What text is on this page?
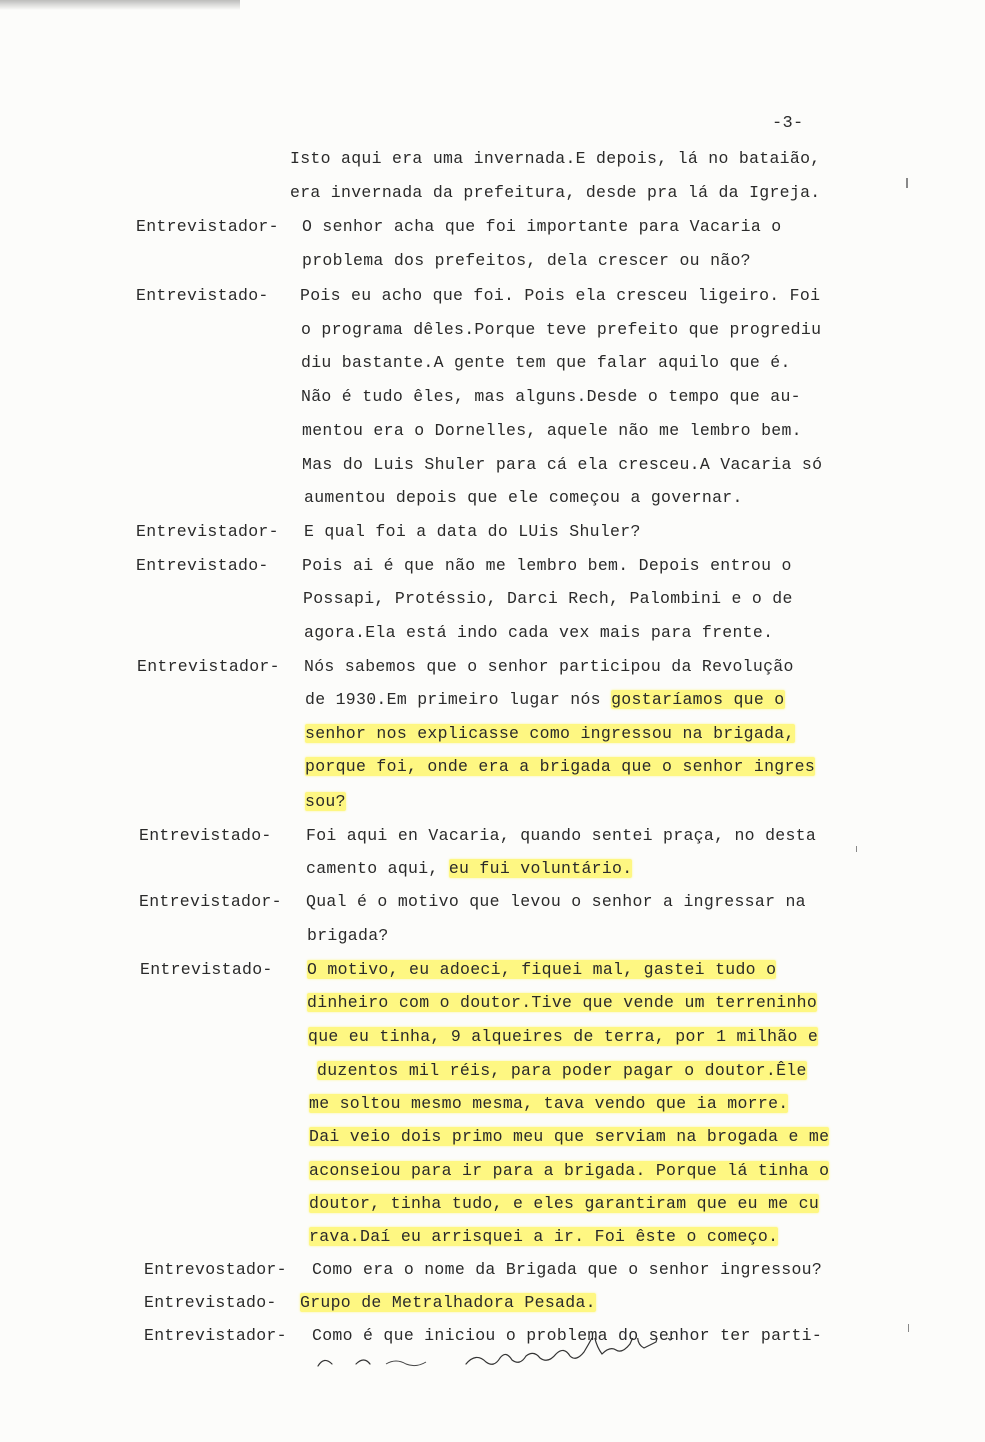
-3-
Entrevistador-
Entrevistado-
Entrevistador-
Entrevistado-
Entrevistador-
Entrevistado-
Entrevistador-
Entrevistado-
Entrevostador-
Entrevistado-
Entrevistador-
Isto aqui era uma invernada.E depois, lá no bataião,
era invernada da prefeitura, desde pra lá da Igreja.
O senhor acha que foi importante para Vacaria o
problema dos prefeitos, dela crescer ou não?
Pois eu acho que foi. Pois ela cresceu ligeiro. Foi
o programa dêles.Porque teve prefeito que progrediu
diu bastante.A gente tem que falar aquilo que é.
Não é tudo êles, mas alguns.Desde o tempo que au-
mentou era o Dornelles, aquele não me lembro bem.
Mas do Luis Shuler para cá ela cresceu.A Vacaria só
aumentou depois que ele começou a governar.
E qual foi a data do LUis Shuler?
Pois ai é que não me lembro bem. Depois entrou o
Possapi, Protéssio, Darci Rech, Palombini e o de
agora.Ela está indo cada vex mais para frente.
Nós sabemos que o senhor participou da Revolução
de 1930.Em primeiro lugar nós gostaríamos que o
senhor nos explicasse como ingressou na brigada,
porque foi, onde era a brigada que o senhor ingres
sou?
Foi aqui en Vacaria, quando sentei praça, no desta
camento aqui, eu fui voluntário.
Qual é o motivo que levou o senhor a ingressar na
brigada?
O motivo, eu adoeci, fiquei mal, gastei tudo o
dinheiro com o doutor.Tive que vende um terreninho
que eu tinha, 9 alqueires de terra, por 1 milhão e
duzentos mil réis, para poder pagar o doutor.Êle
me soltou mesmo mesma, tava vendo que ia morre.
Dai veio dois primo meu que serviam na brogada e me
aconseiou para ir para a brigada. Porque lá tinha o
doutor, tinha tudo, e eles garantiram que eu me cu
rava.Daí eu arrisquei a ir. Foi êste o começo.
Como era o nome da Brigada que o senhor ingressou?
Grupo de Metralhadora Pesada.
Como é que iniciou o problema do senhor ter parti-
